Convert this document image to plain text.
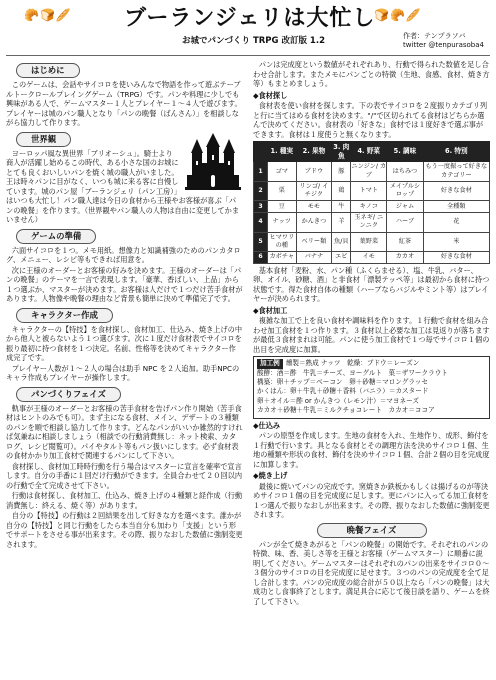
🥐🍞🥖	🍞🥐🥖
ブーランジェリは大忙し
お城でパンづくり TRPG 改訂版 1.2	作者：テンプラソバ
twitter @tenpurasoba4
はじめに

このゲームは、会話やサイコロを使いみんなで物語を作って遊ぶテーブルトークロールプレイングゲーム（TRPG）です。パンや料理に少しでも興味がある人で、ゲームマスター１人とプレイヤー１〜４人で遊びます。プレイヤーは城のパン職人となり「パンの晩餐（ばんさん）」を相談しながら協力して作ります。

世界観

ヨーロッパ風な異世界「ブリオーシュ」。騎士より商人が活躍し始めるこの時代、ある小さな国のお城にとても良くおいしいパンを焼く城の職人がいました。王は時々パンに目がなく、いつも城に来る客に自慢しています。城のパン屋「ブーランジェリ（パン工房）」はいつも大忙し！パン職人達は今日の食材から王様やお客様が喜ぶ「パンの晩餐」を作ります。（世界観やパン職人の人物は自由に変更してかまいません）

ゲームの準備

六面サイコロを１つ。メモ用紙。想像力と知識補強のためのパンカタログ、メニュー、レシピ等もできれば用意を。

次に王様のオーダーとお客様の好みを決めます。王様のオーダーは「パンの晩餐」のテーマを一言で表現します。「豪華、香ばしい、上品」から１つ選ぶか、マスターが決めます。お客様は人だけで１つだけ苦手食材があります。人物像や晩餐の理由など背景も簡単に決めて準備完了です。

キャラクター作成

キャラクターの【特技】を食材探し、食材加工、仕込み、焼き上げの中から他人と被らないよう１つ選びます。次に１度だけ食材表でサイコロを振り最初に持つ食材を１つ決定。名前、性格等を決めてキャラクター作成完了です。

プレイヤー人数が１〜２人の場合は助手 NPC を２人追加。助手NPCのキャラ作成もプレイヤーが操作します。

パンづくりフェイズ

軌事が王様のオーダーとお客様の苦手食材を告げパン作り開始（苦手食材はヒントのみでも可）。まず主になる食材、メイン、デザートの３種類のパンを順で相談し協力して作ります。どんなパンがいいか雑然的すけれぱ気兼ねに相談しましょう（相談での行動消費無し：ネット検索、カタログ、レシピ閲覧可）。パイやタルト等もパン扱いにします。必ず食材表の食材かかり加工食材で関連するパンにして下さい。

食材探し、食材加工時時行動を行う場合はマスターに宣言を確率で宣言します。自分の手番に１回だけ行動ができます。全員合わせて２０回以内の行動で全て完成させて下さい。

行動は食材探し、食材加工、仕込み、焼き上げの４種類と経作成（行動消費無し：終える、焼く等）があります。

自分の【特技】の行動は２回結果を出して好きな方を選べます。誰かが自分の【特技】と同じ行動をしたら本当自分も加わり「支援」という形でサポートをさせる事が出来ます。その際、振りなおした数値に強制変更されます。

パンは完成度という数値がそれぞれあり、行動で得られた数値を足し合わせ合計します。またメモにパンごとの特徴（生地、食感、食材、焼き方等）もまとめましょう。

◆食材探し

食材表を使い食材を探します。下の表でサイコロを２度振りカテゴリ列と行に当てはめる食材を決めます。"/"で区切られてる食材はどちらか選んで決めてください。食材表の「好きな」食材では１度好きで選ぶ事ができます。食材は１度使うと無くなります。

	1. 種実	2. 果物	3. 肉魚	4. 野菜	5. 調味	6. 特別
1	ゴマ	ブドウ	豚	ニンジン/ カブ	はちみつ	もう一度振って好きなカテゴリー
2	栗	リンゴ/ イチジク	鶏	トマト	メイプルシロップ	好きな食材
3	豆	モモ	牛	キノコ	ジャム	全種類
4	ナッツ	かんきつ	羊	玉ネギ/ ニンニク	ハーブ	花
5	ヒマワリの種	ベリー類	魚/貝	葉野菜	紅茶	米
6	カボチャ	バナナ	エビ	イモ	カカオ	好きな食材

基本食材「麦粉、水、パン種（ふくらませる）、塩、牛乳、バター、卵、オイル、砂糖、酒」と非食材「漂製テッペ等」は最初から食材に持つ状態です。得た食材自体の種類（ハーブならバジルやミント等）はプレイヤーが決められます。

◆食材加工

複雑な加工で上を良い食材や調味料を作ります。１行動で食材を組み合わせ加工食材を１つ作ります。３食材以上必要な加工は見返りが落ちますが最低３食材まれは可能。パンに使う加工食材で１つ毎でサイコロ１個の出目を完成度に加算。

加工例 燻製＝熟成 ナッツ　乾燥：ブドウ＝レーズン
酸酵：酒＝酢　牛乳＝チーズ、ヨーグルト　菓＝ザワークラウト
構築：卵＋チップ＝ベーコン　卵＋砂糖＝マロングラッセ
かくはん：卵＋牛乳＋砂糖＋香料（バニラ）＝カスタード
卵＋オイル＝酢 or かんきつ（レモン汁）＝マヨネーズ
カカオ＋砂糖＋牛乳＝ミルクチョコレート　カカオ＝ココア
◆仕込み

パンの原型を作成します。生地の食材を入れ、生地作り、成形、飾付を１行動で行います。具となる食材とその調理方法を決めサイコロ１個、生地の種類や形状の食材、飾付を決めサイコロ１個、合計２個の目を完成度に加算します。

◆焼き上げ

最後に焼いてパンの完成です。窯焼きか鉄板かもしくは揚げるのが等決めサイコロ１個の目を完成度に足します。更にパンに入ってる加工食材を１つ選んで振りなおしが出来ます。その際、振りなおした数値に強制変更されます。

晩餐フェイズ

パンが全て焼きあがると「パンの晩餐」の開始です。それぞれのパンの特徴、味、香、美しさ等を王様とお客様（ゲームマスター）に順番に説明してください。ゲームマスターはそれぞれのパンの出来をサイコロ０〜３個分のサイコロの目を完成度に足せます。３つのパンの完成度を全て足し合計します。パンの完成度の総合計が５０以上なら「パンの晩餐」は大成功とし食事終了とします。満足具合に応じて後日談を語り、ゲームを終了して下さい。
